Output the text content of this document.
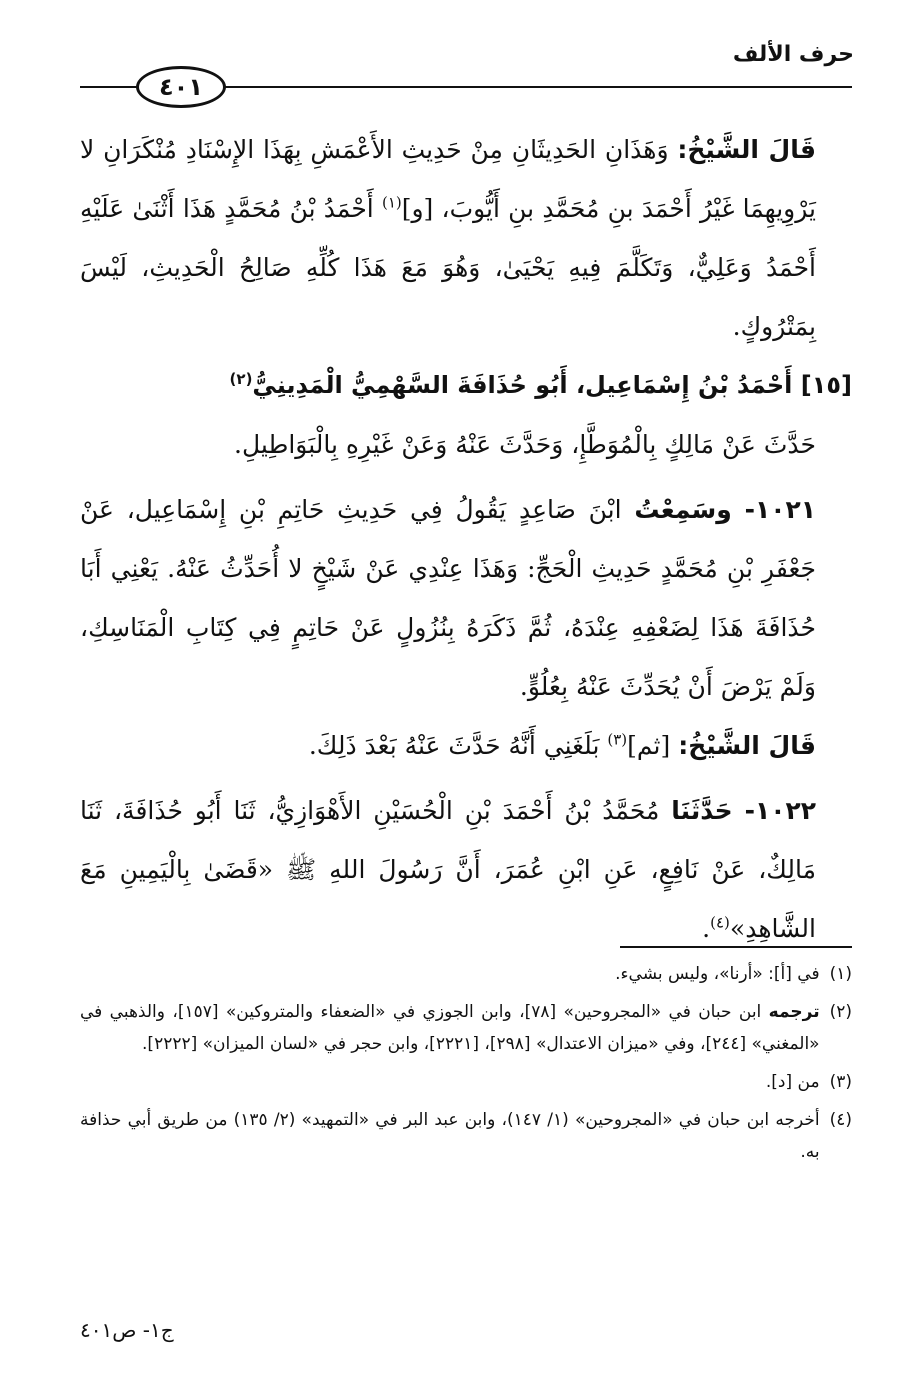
حرف الألف
٤٠١

قَالَ الشَّيْخُ: وَهَذَانِ الحَدِيثَانِ مِنْ حَدِيثِ الأَعْمَشِ بِهَذَا الإِسْنَادِ مُنْكَرَانِ لا يَرْوِيهِمَا غَيْرُ أَحْمَدَ بنِ مُحَمَّدِ بنِ أَيُّوبَ، [و]$^{(١)}$ أَحْمَدُ بْنُ مُحَمَّدٍ هَذَا أَثْنَىٰ عَلَيْهِ أَحْمَدُ وَعَلِيٌّ، وَتَكَلَّمَ فِيهِ يَحْيَىٰ، وَهُوَ مَعَ هَذَا كُلِّهِ صَالِحُ الْحَدِيثِ، لَيْسَ بِمَتْرُوكٍ.

[١٥] أَحْمَدُ بْنُ إِسْمَاعِيل، أَبُو حُذَافَةَ السَّهْمِيُّ الْمَدِينِيُّ$^{(٢)}$

حَدَّثَ عَنْ مَالِكٍ بِالْمُوَطَّإِ، وَحَدَّثَ عَنْهُ وَعَنْ غَيْرِهِ بِالْبَوَاطِيلِ.

١٠٢١- وسَمِعْتُ ابْنَ صَاعِدٍ يَقُولُ فِي حَدِيثِ حَاتِمِ بْنِ إِسْمَاعِيل، عَنْ جَعْفَرِ بْنِ مُحَمَّدٍ حَدِيثِ الْحَجِّ: وَهَذَا عِنْدِي عَنْ شَيْخٍ لا أُحَدِّثُ عَنْهُ. يَعْنِي أَبَا حُذَافَةَ هَذَا لِضَعْفِهِ عِنْدَهُ، ثُمَّ ذَكَرَهُ بِنُزُولٍ عَنْ حَاتِمٍ فِي كِتَابِ الْمَنَاسِكِ، وَلَمْ يَرْضَ أَنْ يُحَدِّثَ عَنْهُ بِعُلُوٍّ.

قَالَ الشَّيْخُ: [ثم]$^{(٣)}$ بَلَغَنِي أَنَّهُ حَدَّثَ عَنْهُ بَعْدَ ذَلِكَ.

١٠٢٢- حَدَّثَنَا مُحَمَّدُ بْنُ أَحْمَدَ بْنِ الْحُسَيْنِ الأَهْوَازِيُّ، ثَنَا أَبُو حُذَافَةَ، ثَنَا مَالِكٌ، عَنْ نَافِعٍ، عَنِ ابْنِ عُمَرَ، أَنَّ رَسُولَ اللهِ ﷺ «قَضَىٰ بِالْيَمِينِ مَعَ الشَّاهِدِ»$^{(٤)}$.

(١)
في [أ]: «أرنا»، وليس بشيء.
(٢)
ترجمه ابن حبان في «المجروحين» [٧٨]، وابن الجوزي في «الضعفاء والمتروكين» [١٥٧]، والذهبي في «المغني» [٢٤٤]، وفي «ميزان الاعتدال» [٢٩٨]، [٢٢٢١]، وابن حجر في «لسان الميزان» [٢٢٢٢].
(٣)
من [د].
(٤)
أخرجه ابن حبان في «المجروحين» (١/ ١٤٧)، وابن عبد البر في «التمهيد» (٢/ ١٣٥) من طريق أبي حذافة به.
ج١- ص٤٠١
